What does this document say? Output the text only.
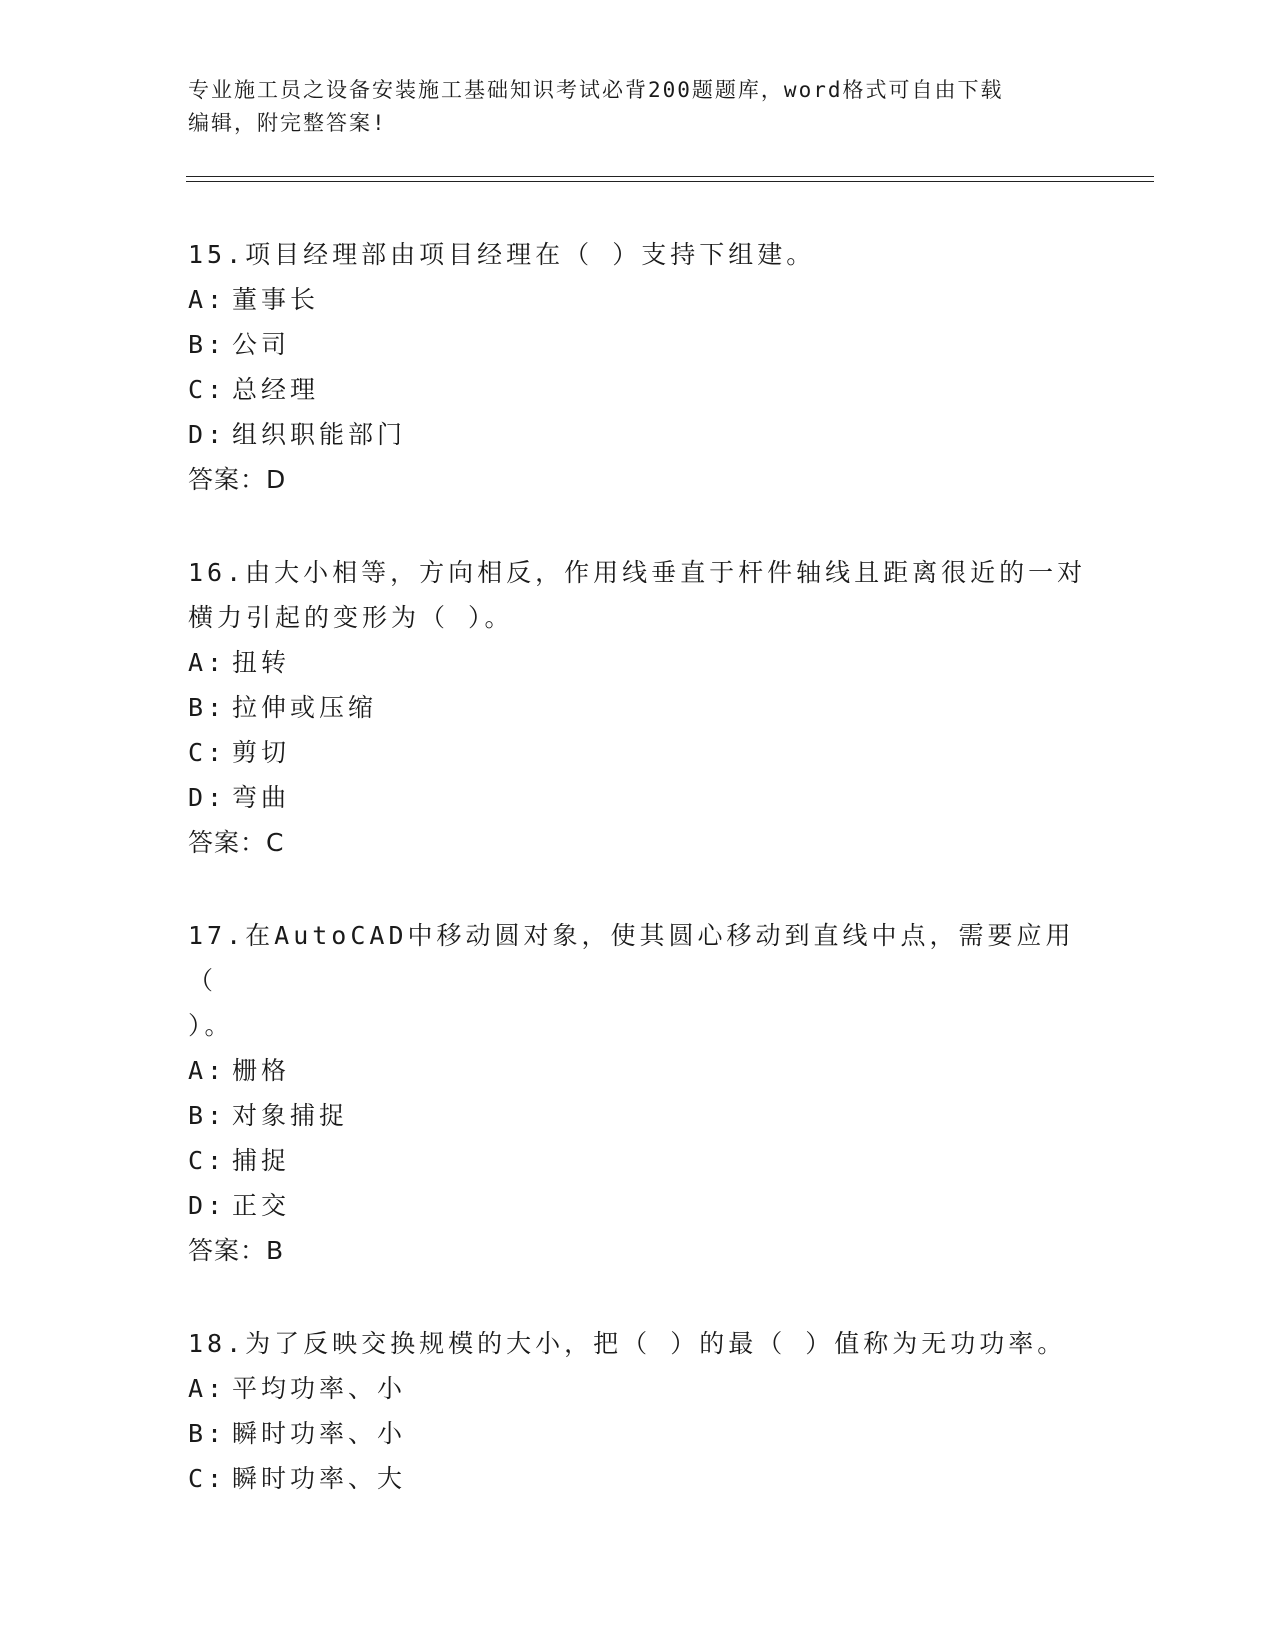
专业施工员之设备安装施工基础知识考试必背200题题库，word格式可自由下载
编辑，附完整答案!
15.项目经理部由项目经理在（ ）支持下组建。
A: 董事长
B: 公司
C: 总经理
D: 组织职能部门
答案：D
16.由大小相等，方向相反，作用线垂直于杆件轴线且距离很近的一对
横力引起的变形为（ ）。
A: 扭转
B: 拉伸或压缩
C: 剪切
D: 弯曲
答案：C
17.在AutoCAD中移动圆对象，使其圆心移动到直线中点，需要应用（
）。
A: 栅格
B: 对象捕捉
C: 捕捉
D: 正交
答案：B
18.为了反映交换规模的大小，把（ ）的最（ ）值称为无功功率。
A: 平均功率、小
B: 瞬时功率、小
C: 瞬时功率、大
